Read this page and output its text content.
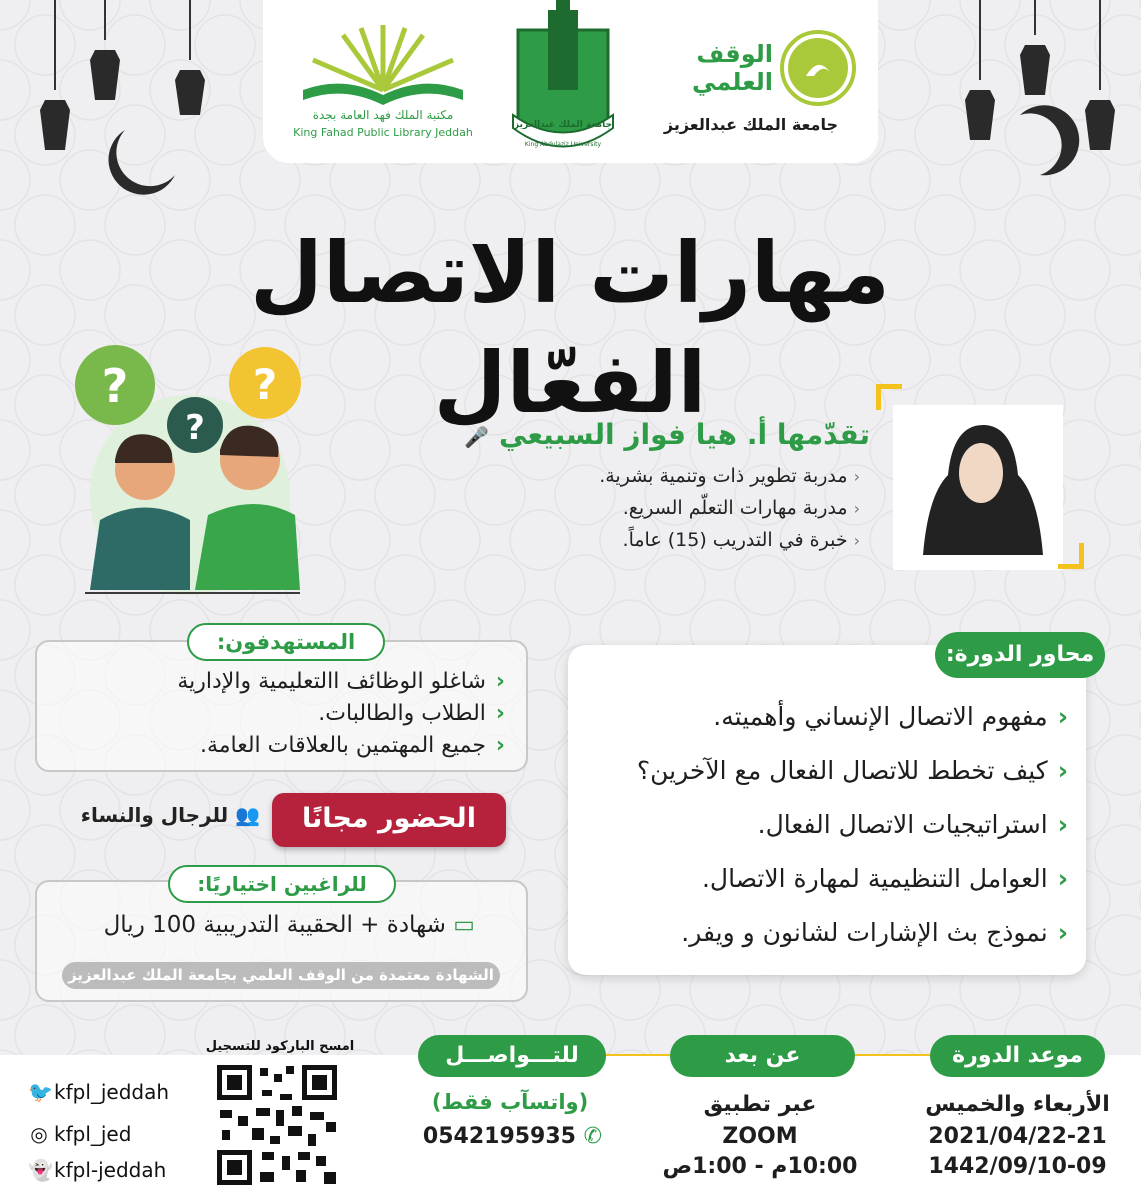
مكتبة الملك فهد العامة بجدة
King Fahad Public Library Jeddah
جامعة الملك عبدالعزيز
King Abdulaziz University
الوقف العلمي
جامعة الملك عبدالعزيز
مهارات الاتصال الفعّال
?	?
?	تقدّمها أ. هيا فواز السبيعي 🎤
‹مدربة تطوير ذات وتنمية بشرية.
‹مدربة مهارات التعلّم السريع.
‹خبرة في التدريب (15) عاماً.
المستهدفون:
‹شاغلو الوظائف االتعليمية والإدارية
‹الطلاب والطالبات.
‹جميع المهتمين بالعلاقات العامة.
محاور الدورة:
‹مفهوم الاتصال الإنساني وأهميته.
‹كيف تخطط للاتصال الفعال مع الآخرين؟
‹استراتيجيات الاتصال الفعال.
‹العوامل التنظيمية لمهارة الاتصال.
‹نموذج بث الإشارات لشانون و ويفر.
الحضور مجانًا
👥 للرجال والنساء
للراغبين اختياريًا:
▭ شهادة + الحقيبة التدريبية 100 ريال
الشهادة معتمدة من الوقف العلمي بجامعة الملك عبدالعزيز
موعد الدورة
الأربعاء والخميس
2021/04/22-21
1442/09/10-09
عن بعد
عبر تطبيق
ZOOM
10:00م - 1:00ص
للتـــواصـــل
(واتسآب فقط)
0542195935 ✆
امسح الباركود للتسجيل
🐦kfpl_jeddah
◎ kfpl_jed
👻kfpl-jeddah
